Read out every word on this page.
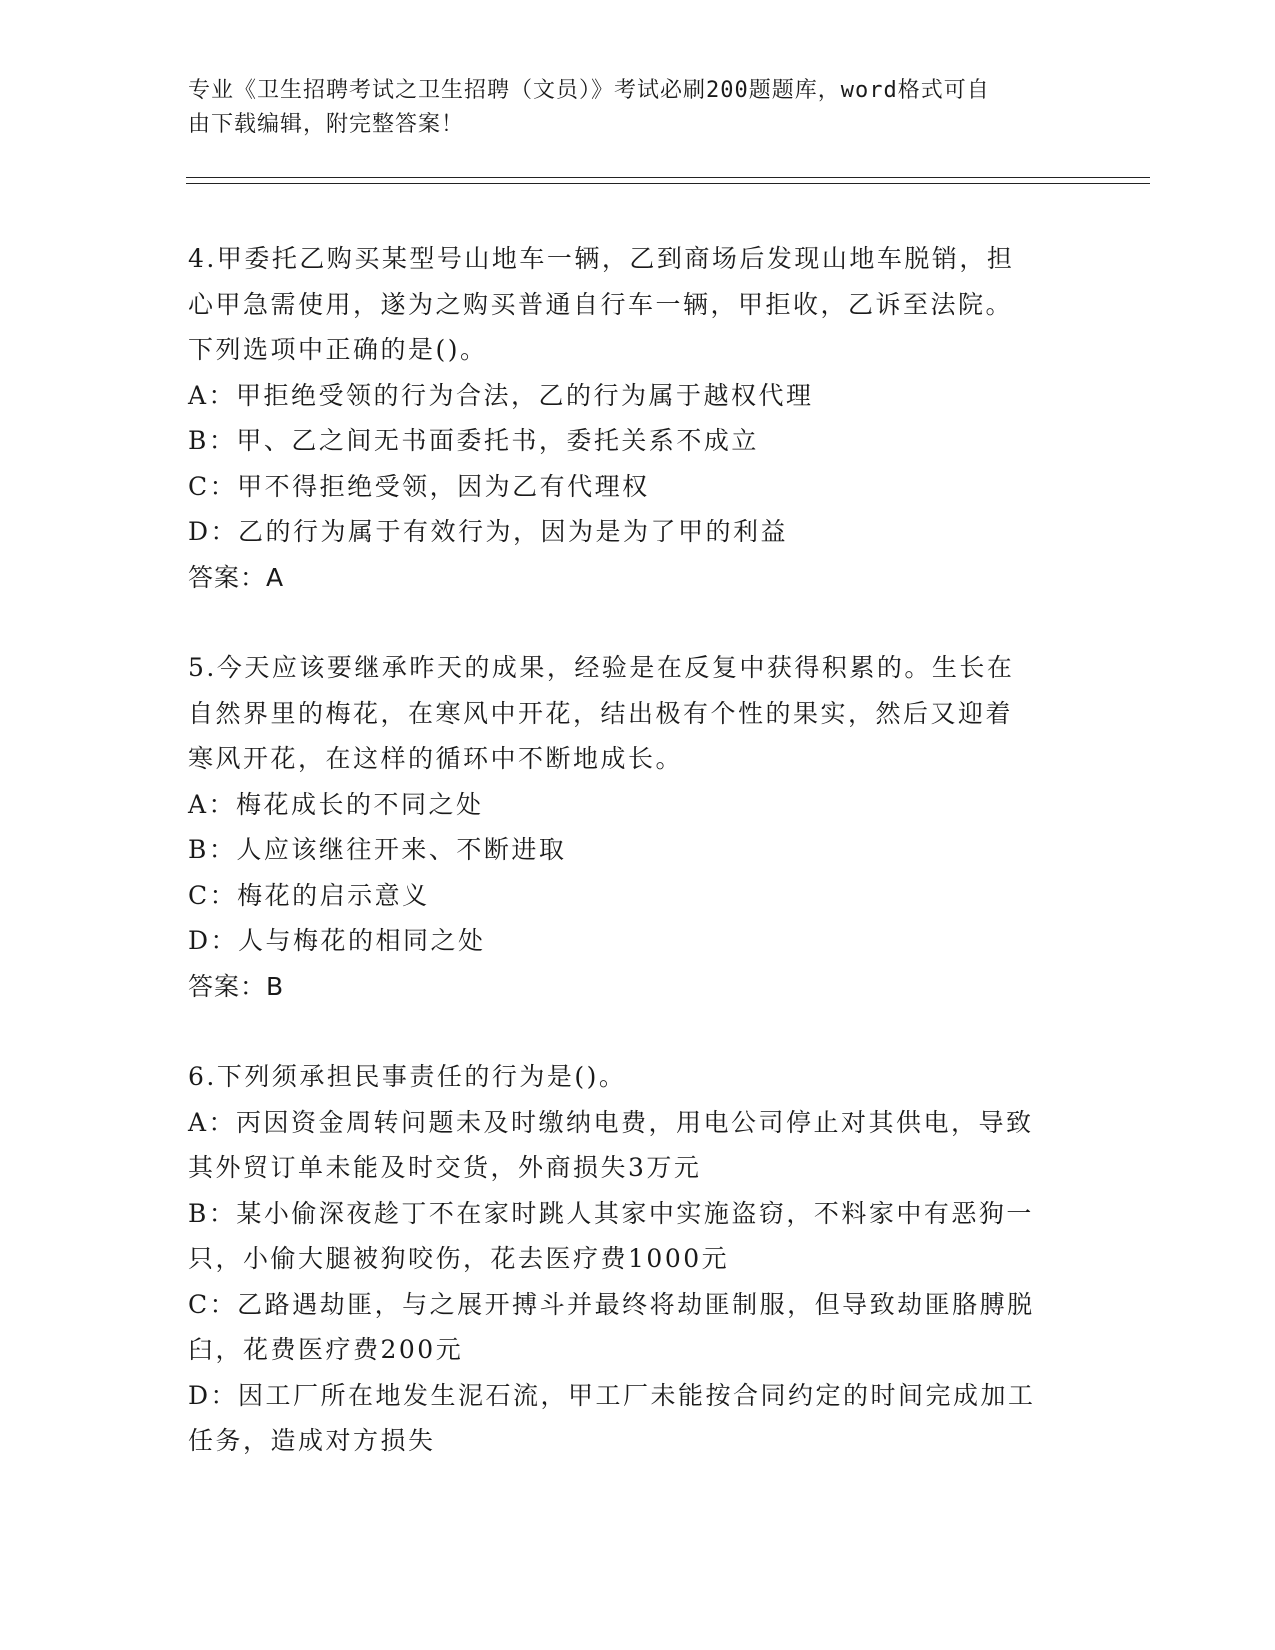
专业《卫生招聘考试之卫生招聘（文员）》考试必刷200题题库，word格式可自
由下载编辑，附完整答案！
4.甲委托乙购买某型号山地车一辆，乙到商场后发现山地车脱销，担
心甲急需使用，遂为之购买普通自行车一辆，甲拒收，乙诉至法院。
下列选项中正确的是()。
A：甲拒绝受领的行为合法，乙的行为属于越权代理
B：甲、乙之间无书面委托书，委托关系不成立
C：甲不得拒绝受领，因为乙有代理权
D：乙的行为属于有效行为，因为是为了甲的利益
答案：A
5.今天应该要继承昨天的成果，经验是在反复中获得积累的。生长在
自然界里的梅花，在寒风中开花，结出极有个性的果实，然后又迎着
寒风开花，在这样的循环中不断地成长。
A：梅花成长的不同之处
B：人应该继往开来、不断进取
C：梅花的启示意义
D：人与梅花的相同之处
答案：B
6.下列须承担民事责任的行为是()。
A：丙因资金周转问题未及时缴纳电费，用电公司停止对其供电，导致
其外贸订单未能及时交货，外商损失3万元
B：某小偷深夜趁丁不在家时跳人其家中实施盗窃，不料家中有恶狗一
只，小偷大腿被狗咬伤，花去医疗费1000元
C：乙路遇劫匪，与之展开搏斗并最终将劫匪制服，但导致劫匪胳膊脱
臼，花费医疗费200元
D：因工厂所在地发生泥石流，甲工厂未能按合同约定的时间完成加工
任务，造成对方损失
